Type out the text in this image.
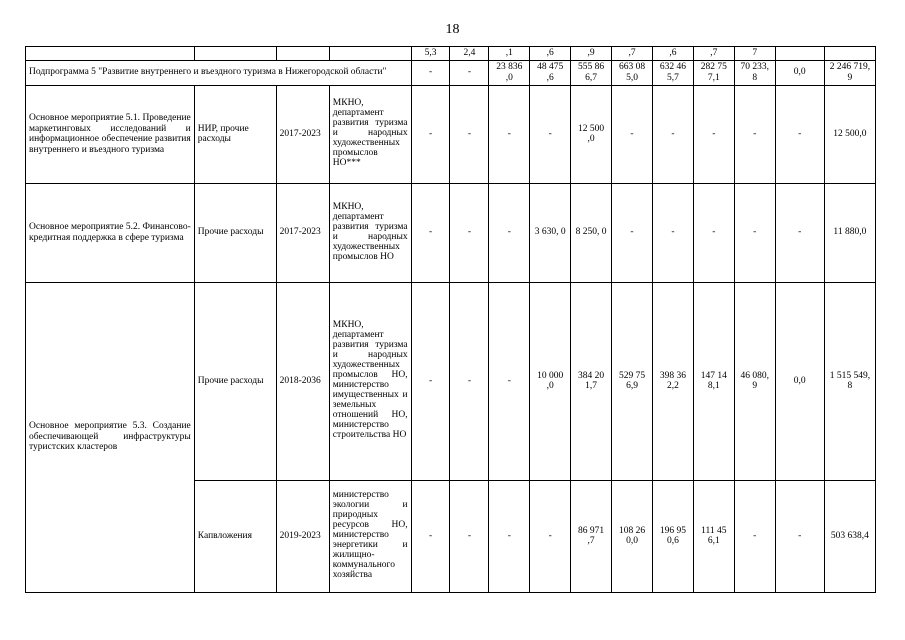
18
				5,3	2,4	,1	,6	,9	,7	,6	,7	7		
Подпрограмма 5 "Развитие внутреннего и въездного туризма в Нижегородской области"				-	-	23 836 ,0	48 475 ,6	555 86 6,7	663 08 5,0	632 46 5,7	282 75 7,1	70 233, 8	0,0	2 246 719, 9
Основное мероприятие 5.1. Проведение маркетинговых исследований и информационное обеспечение развития внутреннего и въездного туризма	НИР, прочие расходы	2017-2023	МКНО, департамент развития туризма и народных художественных промыслов НО***	-	-	-	-	12 500 ,0	-	-	-	-	-	12 500,0
Основное мероприятие 5.2. Финансово-кредитная поддержка в сфере туризма	Прочие расходы	2017-2023	МКНО, департамент развития туризма и народных художественных промыслов НО	-	-	-	3 630, 0	8 250, 0	-	-	-	-	-	11 880,0
Основное мероприятие 5.3. Создание обеспечивающей инфраструктуры туристских кластеров	Прочие расходы	2018-2036	МКНО, департамент развития туризма и народных художественных промыслов НО, министерство имущественных и земельных отношений НО, министерство строительства НО	-	-	-	10 000 ,0	384 20 1,7	529 75 6,9	398 36 2,2	147 14 8,1	46 080, 9	0,0	1 515 549, 8
	Капвложения	2019-2023	министерство экологии и природных ресурсов НО, министерство энергетики и жилищно-коммунального хозяйства	-	-	-	-	86 971 ,7	108 26 0,0	196 95 0,6	111 45 6,1	-	-	503 638,4
